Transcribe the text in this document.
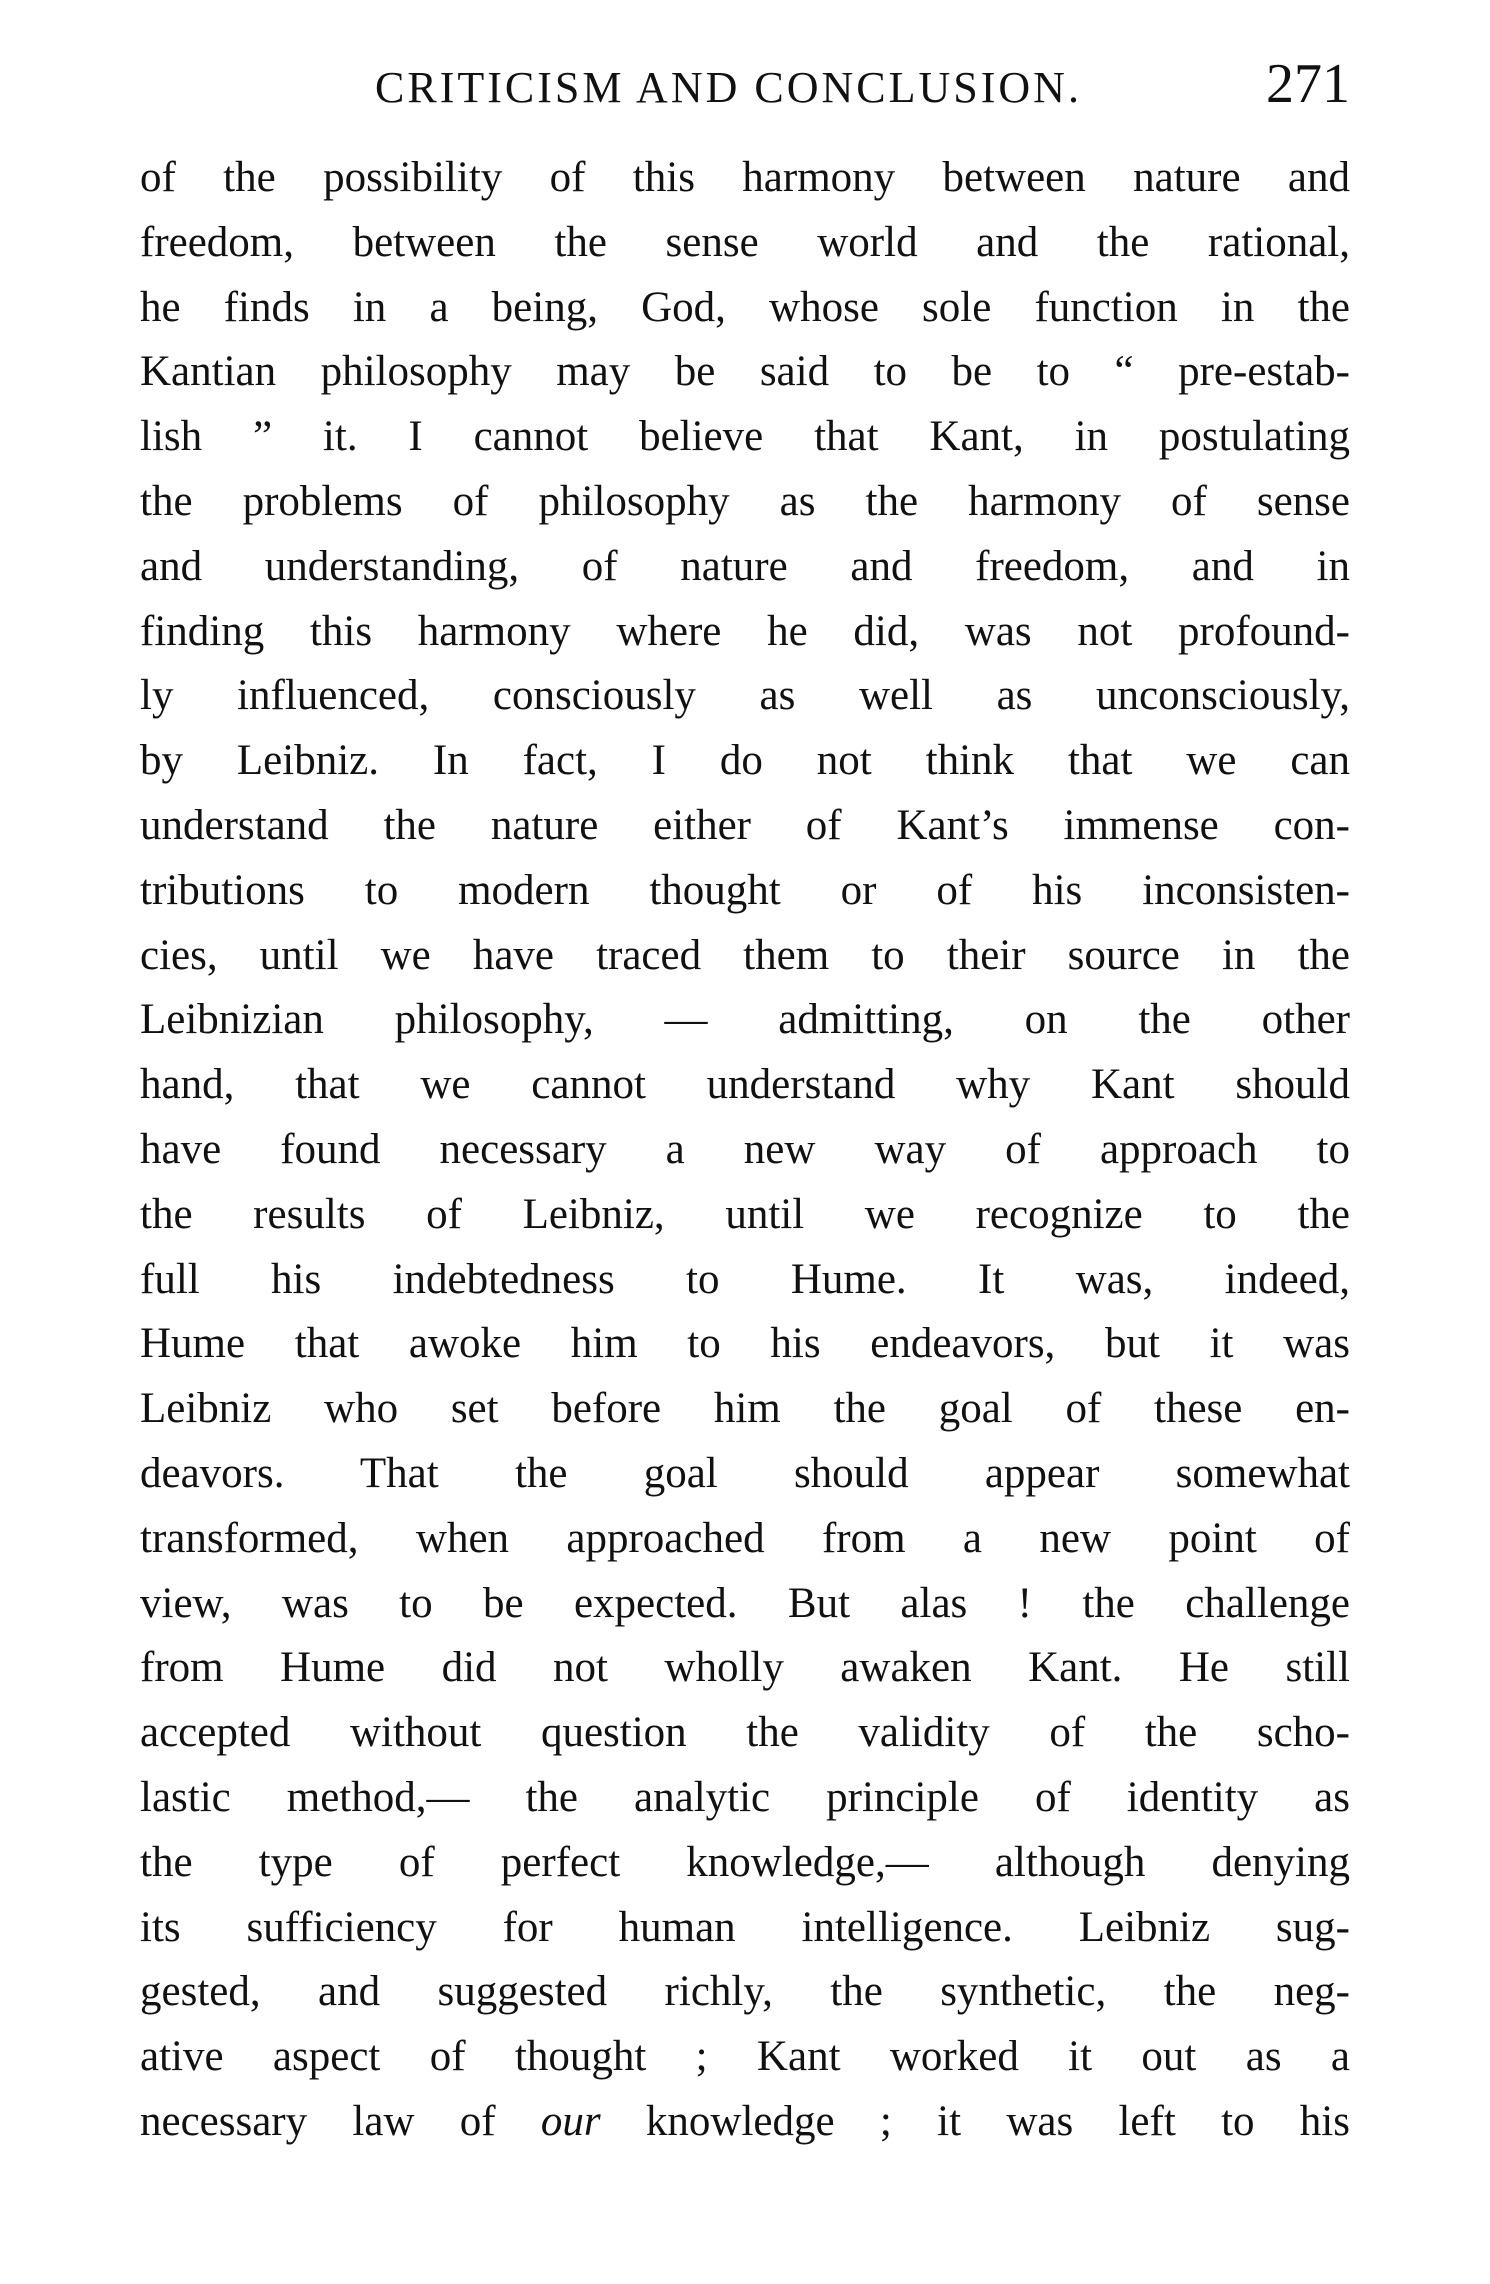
CRITICISM AND CONCLUSION.	271
of the possibility of this harmony between nature and
freedom, between the sense world and the rational,
he finds in a being, God, whose sole function in the
Kantian philosophy may be said to be to “ pre-estab-
lish ” it. I cannot believe that Kant, in postulating
the problems of philosophy as the harmony of sense
and understanding, of nature and freedom, and in
finding this harmony where he did, was not profound-
ly influenced, consciously as well as unconsciously,
by Leibniz. In fact, I do not think that we can
understand the nature either of Kant’s immense con-
tributions to modern thought or of his inconsisten-
cies, until we have traced them to their source in the
Leibnizian philosophy, — admitting, on the other
hand, that we cannot understand why Kant should
have found necessary a new way of approach to
the results of Leibniz, until we recognize to the
full his indebtedness to Hume. It was, indeed,
Hume that awoke him to his endeavors, but it was
Leibniz who set before him the goal of these en-
deavors. That the goal should appear somewhat
transformed, when approached from a new point of
view, was to be expected. But alas ! the challenge
from Hume did not wholly awaken Kant. He still
accepted without question the validity of the scho-
lastic method,— the analytic principle of identity as
the type of perfect knowledge,— although denying
its sufficiency for human intelligence. Leibniz sug-
gested, and suggested richly, the synthetic, the neg-
ative aspect of thought ; Kant worked it out as a
necessary law of our knowledge ; it was left to his
